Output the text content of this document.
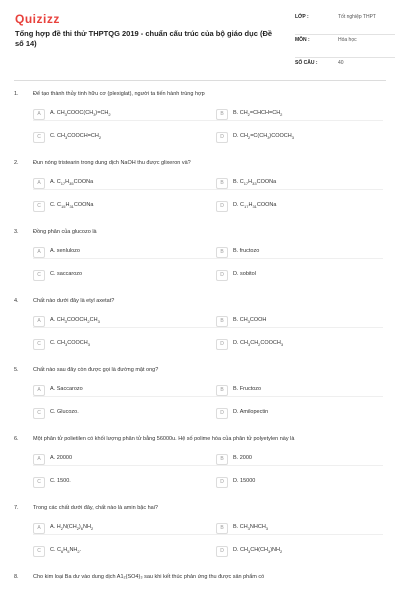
Quizizz
Tổng hợp đề thi thử THPTQG 2019 - chuẩn cấu trúc của bộ giáo dục (Đề số 14)
LỚP :	Tốt nghiệp THPT
MÔN :	Hóa học
SỐ CÂU :	40
1.	Để tạo thành thủy tinh hữu cơ (plexiglat), người ta tiến hành trùng hợp
A	A. $CH_3COOC(CH_3)=CH_2$	B	B. $CH_2=CHCH=CH_2$
C	C. $CH_3COOCH=CH_2$	D	D. $CH_2=C(CH_3)COOCH_3$
2.	Đun nóng tristearin trong dung dịch NaOH thu được glixeron và?
A	A. $C_{17}H_{35}COONa$	B	B. $C_{17}H_{33}COONa$
C	C. $C_{15}H_{31}COONa$	D	D. $C_{17}H_{31}COONa$
3.	Đồng phân của glucozo là
A	A. xenlulozo	B	B. fructozo
C	C. saccarozo	D	D. sobitol
4.	Chất nào dưới đây là etyl axetat?
A	A. $CH_3COOCH_2CH_3$	B	B. $CH_3COOH$
C	C. $CH_3COOCH_3$	D	D. $CH_3CH_2COOCH_3$
5.	Chất nào sau đây còn được gọi là đường mật ong?
A	A. Saccarozo	B	B. Fructozo
C	C. Glucozo.	D	D. Amilopectin
6.	Một phân tử polietilen có khối lượng phân tử bằng 56000u. Hệ số polime hóa của phân tử polyetylen này là
A	A. 20000	B	B. 2000
C	C. 1500.	D	D. 15000
7.	Trong các chất dưới đây, chất nào là amin bậc hai?
A	A. $H_2N(CH_2)_6NH_2$	B	B. $CH_3NHCH_3$
C	C. $C_6H_5NH_2$.	D	D. $CH_3CH(CH_3)NH_2$
8.	Cho kim loại Ba dư vào dung dịch A1₂(SO4)₃ sau khi kết thúc phản ứng thu được sản phẩm có
